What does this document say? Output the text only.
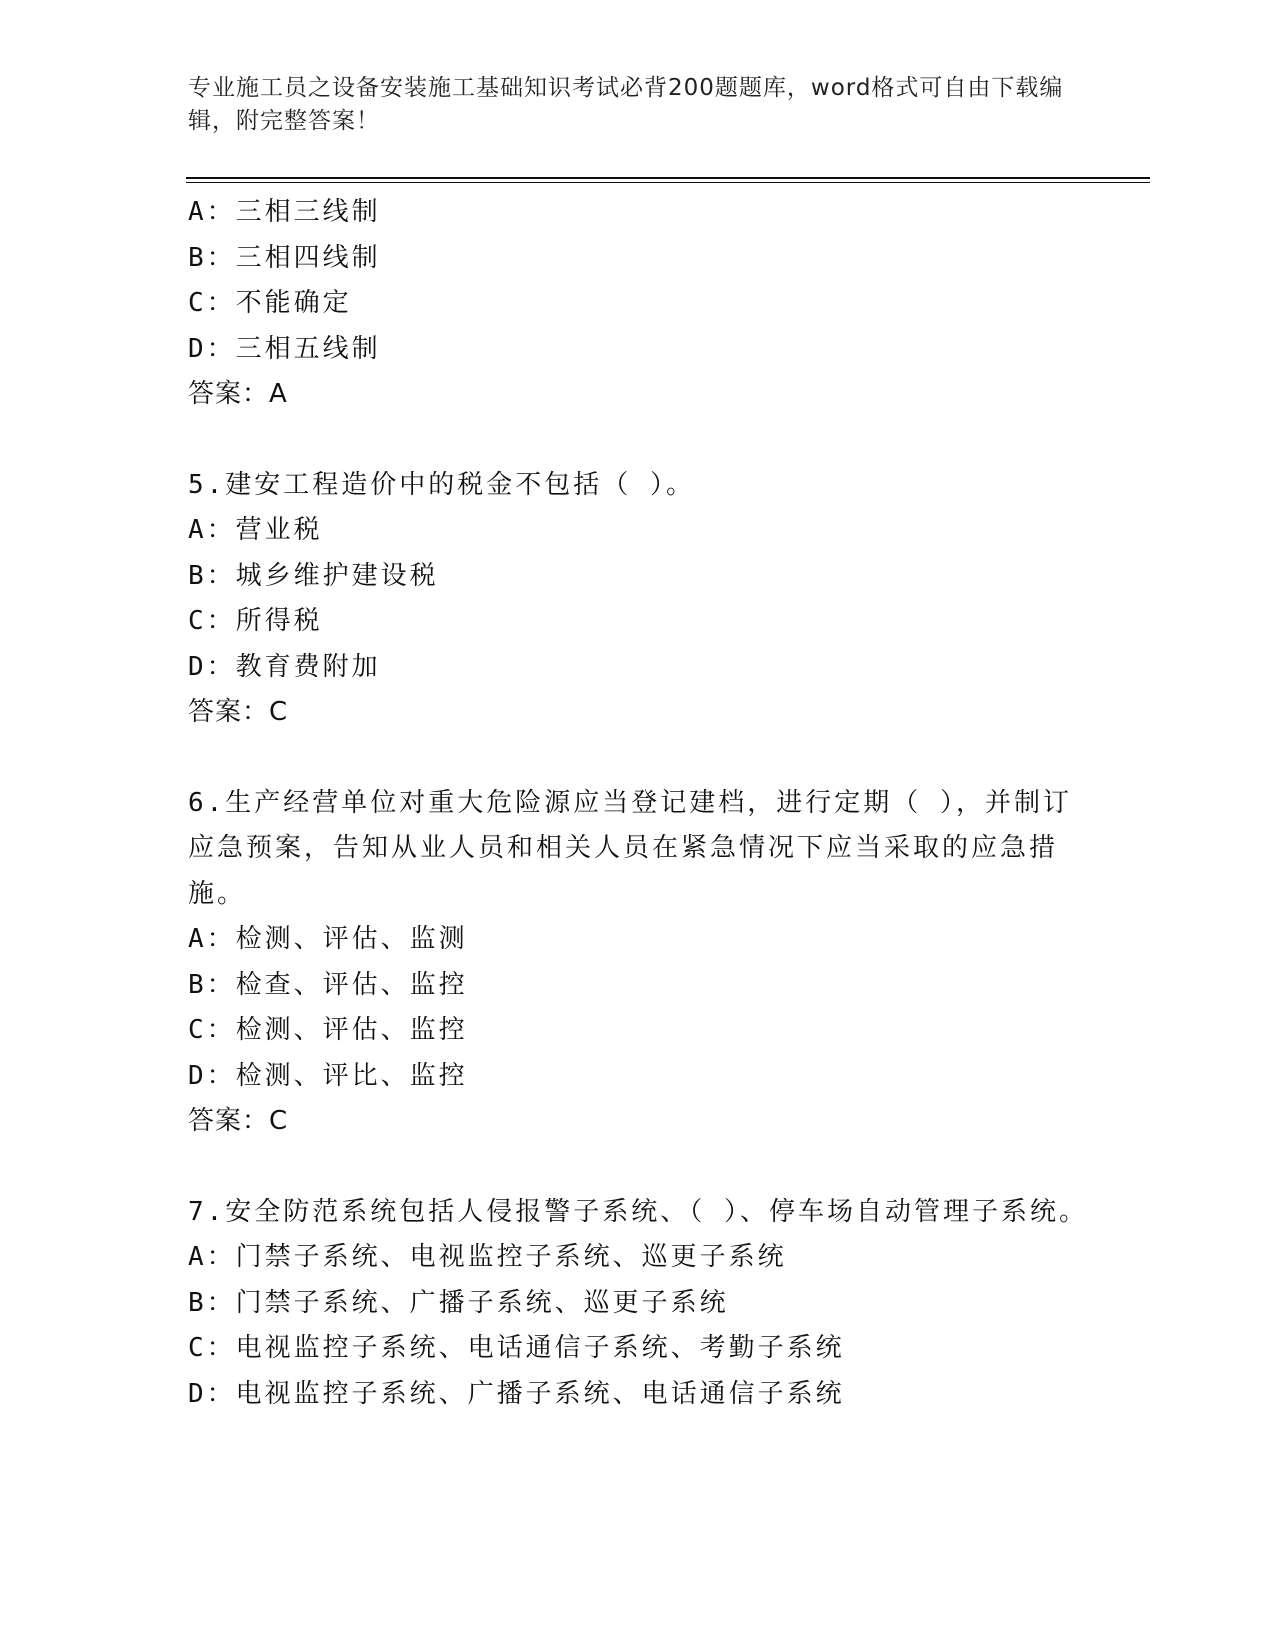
专业施工员之设备安装施工基础知识考试必背200题题库，word格式可自由下载编辑，附完整答案！
A：三相三线制
B：三相四线制
C：不能确定
D：三相五线制
答案：A
5.建安工程造价中的税金不包括（ ）。
A：营业税
B：城乡维护建设税
C：所得税
D：教育费附加
答案：C
6.生产经营单位对重大危险源应当登记建档，进行定期（ ），并制订应急预案，告知从业人员和相关人员在紧急情况下应当采取的应急措施。
A：检测、评估、监测
B：检查、评估、监控
C：检测、评估、监控
D：检测、评比、监控
答案：C
7.安全防范系统包括人侵报警子系统、（ ）、停车场自动管理子系统。
A：门禁子系统、电视监控子系统、巡更子系统
B：门禁子系统、广播子系统、巡更子系统
C：电视监控子系统、电话通信子系统、考勤子系统
D：电视监控子系统、广播子系统、电话通信子系统
